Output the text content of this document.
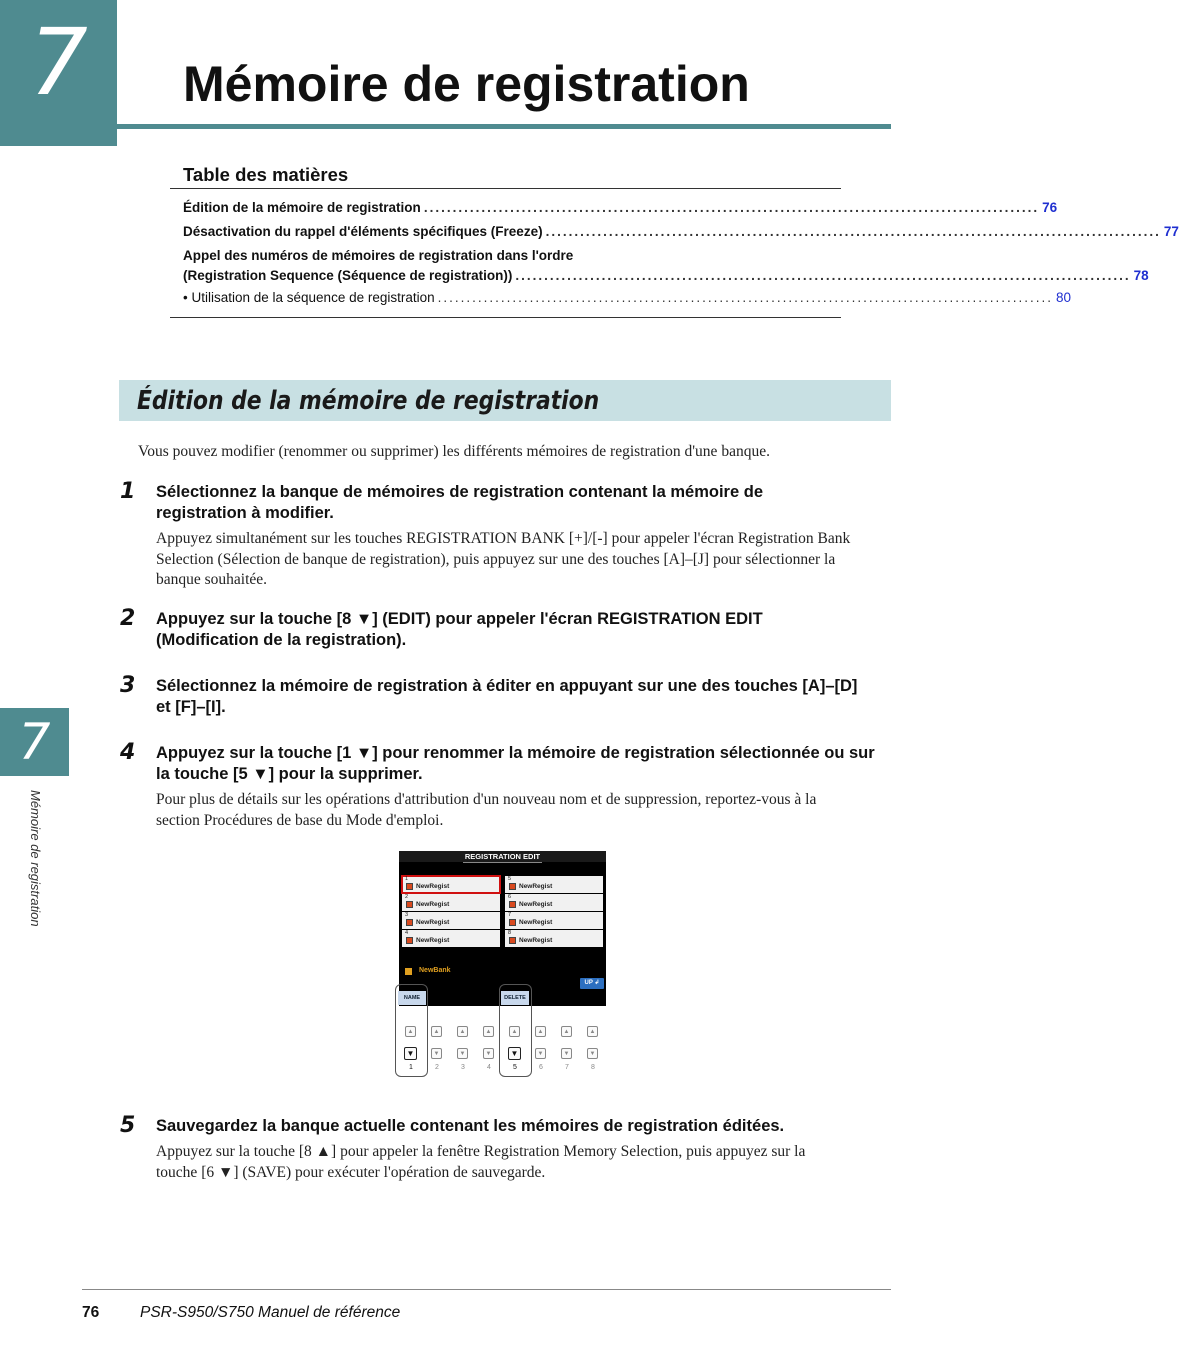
7	Mémoire de registration
Table des matières
Édition de la mémoire de registration ........................................................................................................... 76
Désactivation du rappel d'éléments spécifiques (Freeze) ........................................................................................................... 77
Appel des numéros de mémoires de registration dans l'ordre
(Registration Sequence (Séquence de registration)) ........................................................................................................... 78
• Utilisation de la séquence de registration ........................................................................................................... 80
Édition de la mémoire de registration
Vous pouvez modifier (renommer ou supprimer) les différents mémoires de registration d'une banque.
1 Sélectionnez la banque de mémoires de registration contenant la mémoire de registration à modifier.
Appuyez simultanément sur les touches REGISTRATION BANK [+]/[-] pour appeler l'écran Registration Bank Selection (Sélection de banque de registration), puis appuyez sur une des touches [A]–[J] pour sélectionner la banque souhaitée.
2 Appuyez sur la touche [8 ▼] (EDIT) pour appeler l'écran REGISTRATION EDIT (Modification de la registration).
3 Sélectionnez la mémoire de registration à éditer en appuyant sur une des touches [A]–[D] et [F]–[I].
4 Appuyez sur la touche [1 ▼] pour renommer la mémoire de registration sélectionnée ou sur la touche [5 ▼] pour la supprimer.
Pour plus de détails sur les opérations d'attribution d'un nouveau nom et de suppression, reportez-vous à la section Procédures de base du Mode d'emploi.
7
Mémoire de registration	REGISTRATION EDIT
1
NewRegist
5
NewRegist
2
NewRegist
6
NewRegist
3
NewRegist
7
NewRegist
4
NewRegist
8
NewRegist
NewBank
UP ↲
NAME	DELETE
▲	▲	▲	▲	▲	▲	▲	▲
▼	▼	▼	▼	▼	▼	▼	▼
1	2	3	4	5	6	7	8
5 Sauvegardez la banque actuelle contenant les mémoires de registration éditées.
Appuyez sur la touche [8 ▲] pour appeler la fenêtre Registration Memory Selection, puis appuyez sur la touche [6 ▼] (SAVE) pour exécuter l'opération de sauvegarde.
76	PSR-S950/S750 Manuel de référence
